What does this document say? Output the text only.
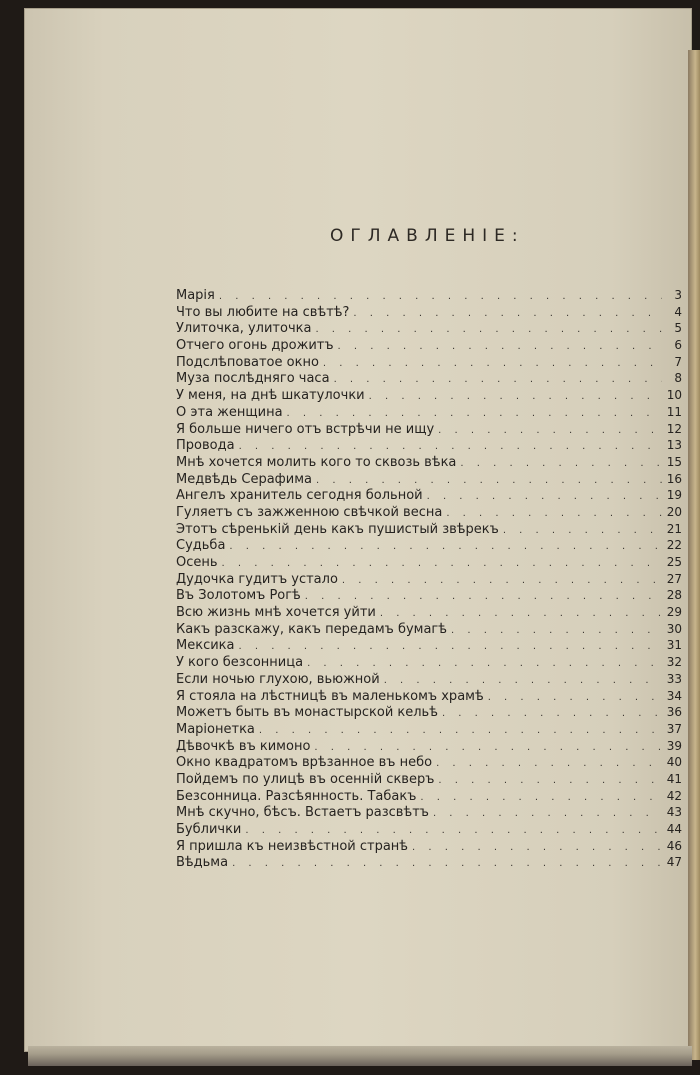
ОГЛАВЛЕНІЕ:
Марія . . .	3
Что вы любите на свѣтѣ? . . .	4
Улиточка, улиточка . . .	5
Отчего огонь дрожитъ . . .	6
Подслѣповатое окно . . .	7
Муза послѣдняго часа . . .	8
У меня, на днѣ шкатулочки . . .	10
О эта женщина . . .	11
Я больше ничего отъ встрѣчи не ищу . . .	12
Провода . . .	13
Мнѣ хочется молить кого то сквозь вѣка . . .	15
Медвѣдь Серафима . . .	16
Ангелъ хранитель сегодня больной . . .	19
Гуляетъ съ зажженною свѣчкой весна . . .	20
Этотъ сѣренькій день какъ пушистый звѣрекъ . . .	21
Судьба . . .	22
Осень . . .	25
Дудочка гудитъ устало . . .	27
Въ Золотомъ Рогѣ . . .	28
Всю жизнь мнѣ хочется уйти . . .	29
Какъ разскажу, какъ передамъ бумагѣ . . .	30
Мексика . . .	31
У кого безсонница . . .	32
Если ночью глухою, вьюжной . . .	33
Я стояла на лѣстницѣ въ маленькомъ храмѣ . . .	34
Можетъ быть въ монастырской кельѣ . . .	36
Маріонетка . . .	37
Дѣвочкѣ въ кимоно . . .	39
Окно квадратомъ врѣзанное въ небо . . .	40
Пойдемъ по улицѣ въ осенній скверъ . . .	41
Безсонница. Разсѣянность. Табакъ . . .	42
Мнѣ скучно, бѣсъ. Встаетъ разсвѣтъ . . .	43
Бублички . . .	44
Я пришла къ неизвѣстной странѣ . . .	46
Вѣдьма . . .	47
